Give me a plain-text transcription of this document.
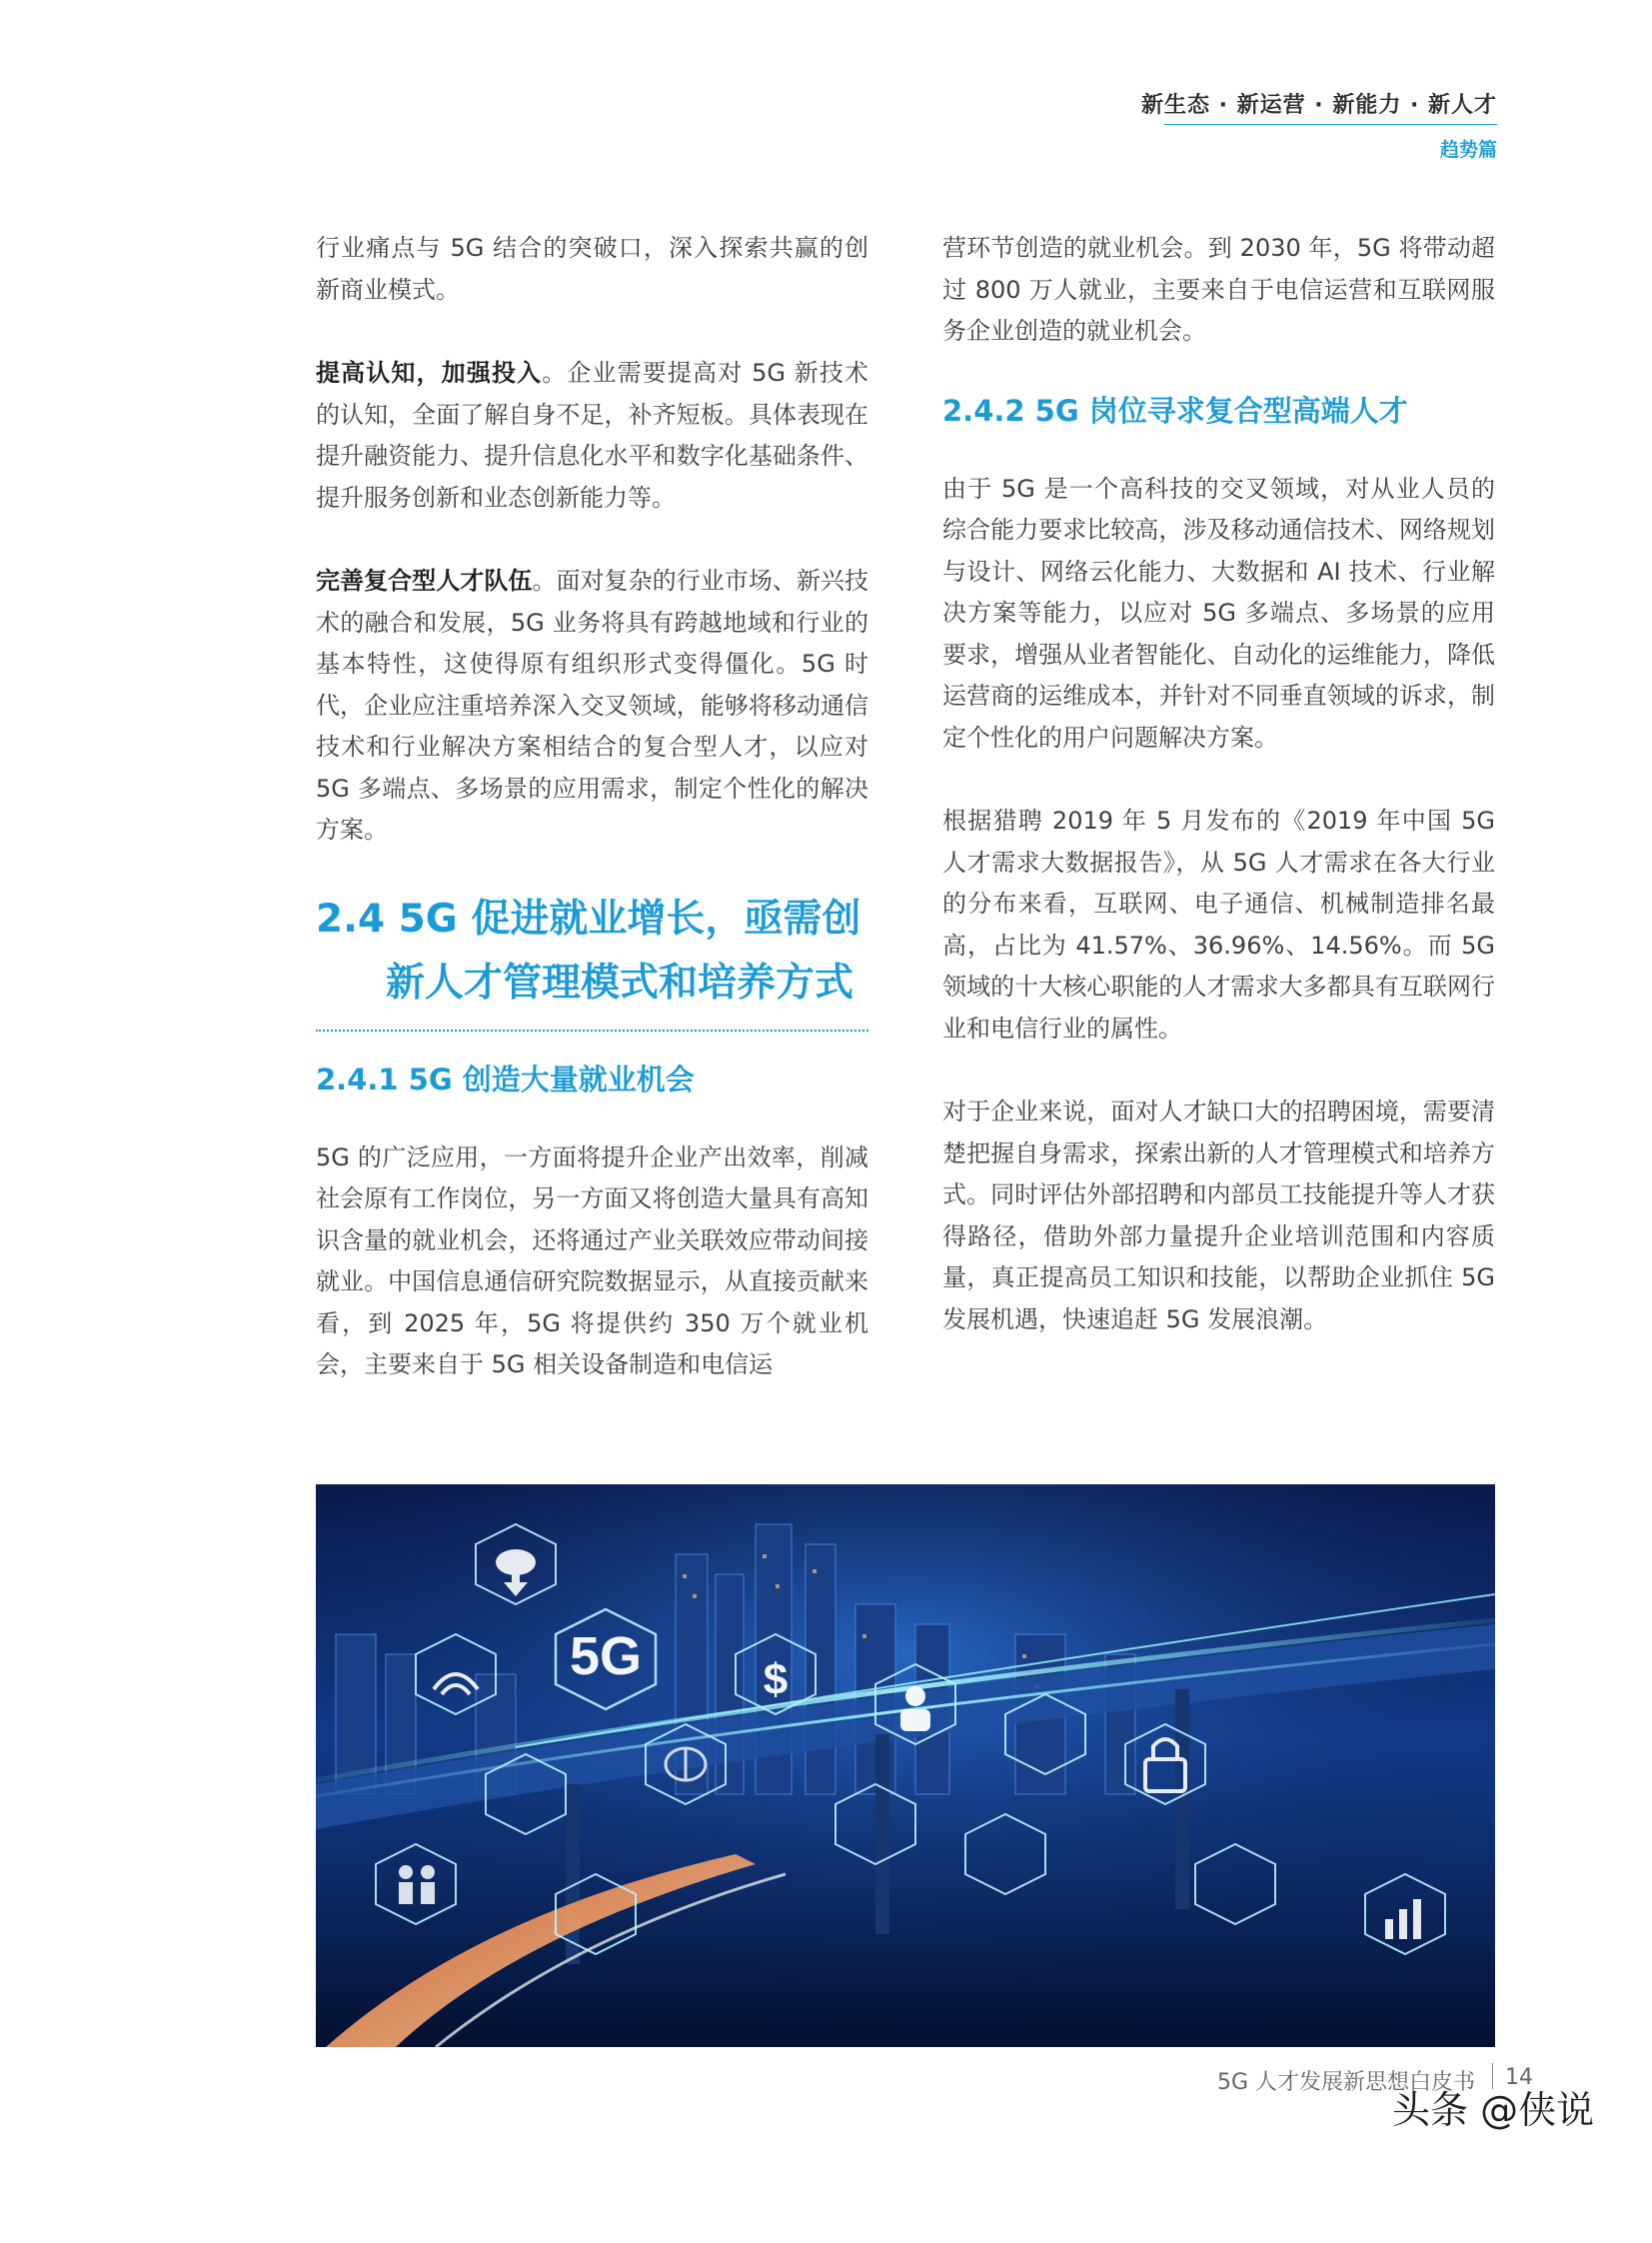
新生态 · 新运营 · 新能力 · 新人才
趋势篇

行业痛点与 5G 结合的突破口，深入探索共赢的创新商业模式。

提高认知，加强投入。企业需要提高对 5G 新技术的认知，全面了解自身不足，补齐短板。具体表现在提升融资能力、提升信息化水平和数字化基础条件、提升服务创新和业态创新能力等。

完善复合型人才队伍。面对复杂的行业市场、新兴技术的融合和发展，5G 业务将具有跨越地域和行业的基本特性，这使得原有组织形式变得僵化。5G 时代，企业应注重培养深入交叉领域，能够将移动通信技术和行业解决方案相结合的复合型人才，以应对 5G 多端点、多场景的应用需求，制定个性化的解决方案。

2.4 5G 促进就业增长，亟需创
新人才管理模式和培养方式
2.4.1 5G 创造大量就业机会

5G 的广泛应用，一方面将提升企业产出效率，削减社会原有工作岗位，另一方面又将创造大量具有高知识含量的就业机会，还将通过产业关联效应带动间接就业。中国信息通信研究院数据显示，从直接贡献来看，到 2025 年，5G 将提供约 350 万个就业机会，主要来自于 5G 相关设备制造和电信运

营环节创造的就业机会。到 2030 年，5G 将带动超过 800 万人就业，主要来自于电信运营和互联网服务企业创造的就业机会。

2.4.2 5G 岗位寻求复合型高端人才

由于 5G 是一个高科技的交叉领域，对从业人员的综合能力要求比较高，涉及移动通信技术、网络规划与设计、网络云化能力、大数据和 AI 技术、行业解决方案等能力，以应对 5G 多端点、多场景的应用要求，增强从业者智能化、自动化的运维能力，降低运营商的运维成本，并针对不同垂直领域的诉求，制定个性化的用户问题解决方案。

根据猎聘 2019 年 5 月发布的《2019 年中国 5G 人才需求大数据报告》，从 5G 人才需求在各大行业的分布来看，互联网、电子通信、机械制造排名最高，占比为 41.57%、36.96%、14.56%。而 5G 领域的十大核心职能的人才需求大多都具有互联网行业和电信行业的属性。

对于企业来说，面对人才缺口大的招聘困境，需要清楚把握自身需求，探索出新的人才管理模式和培养方式。同时评估外部招聘和内部员工技能提升等人才获得路径，借助外部力量提升企业培训范围和内容质量，真正提高员工知识和技能，以帮助企业抓住 5G 发展机遇，快速追赶 5G 发展浪潮。

5G	$
5G 人才发展新思想白皮书 14
头条 @侠说
